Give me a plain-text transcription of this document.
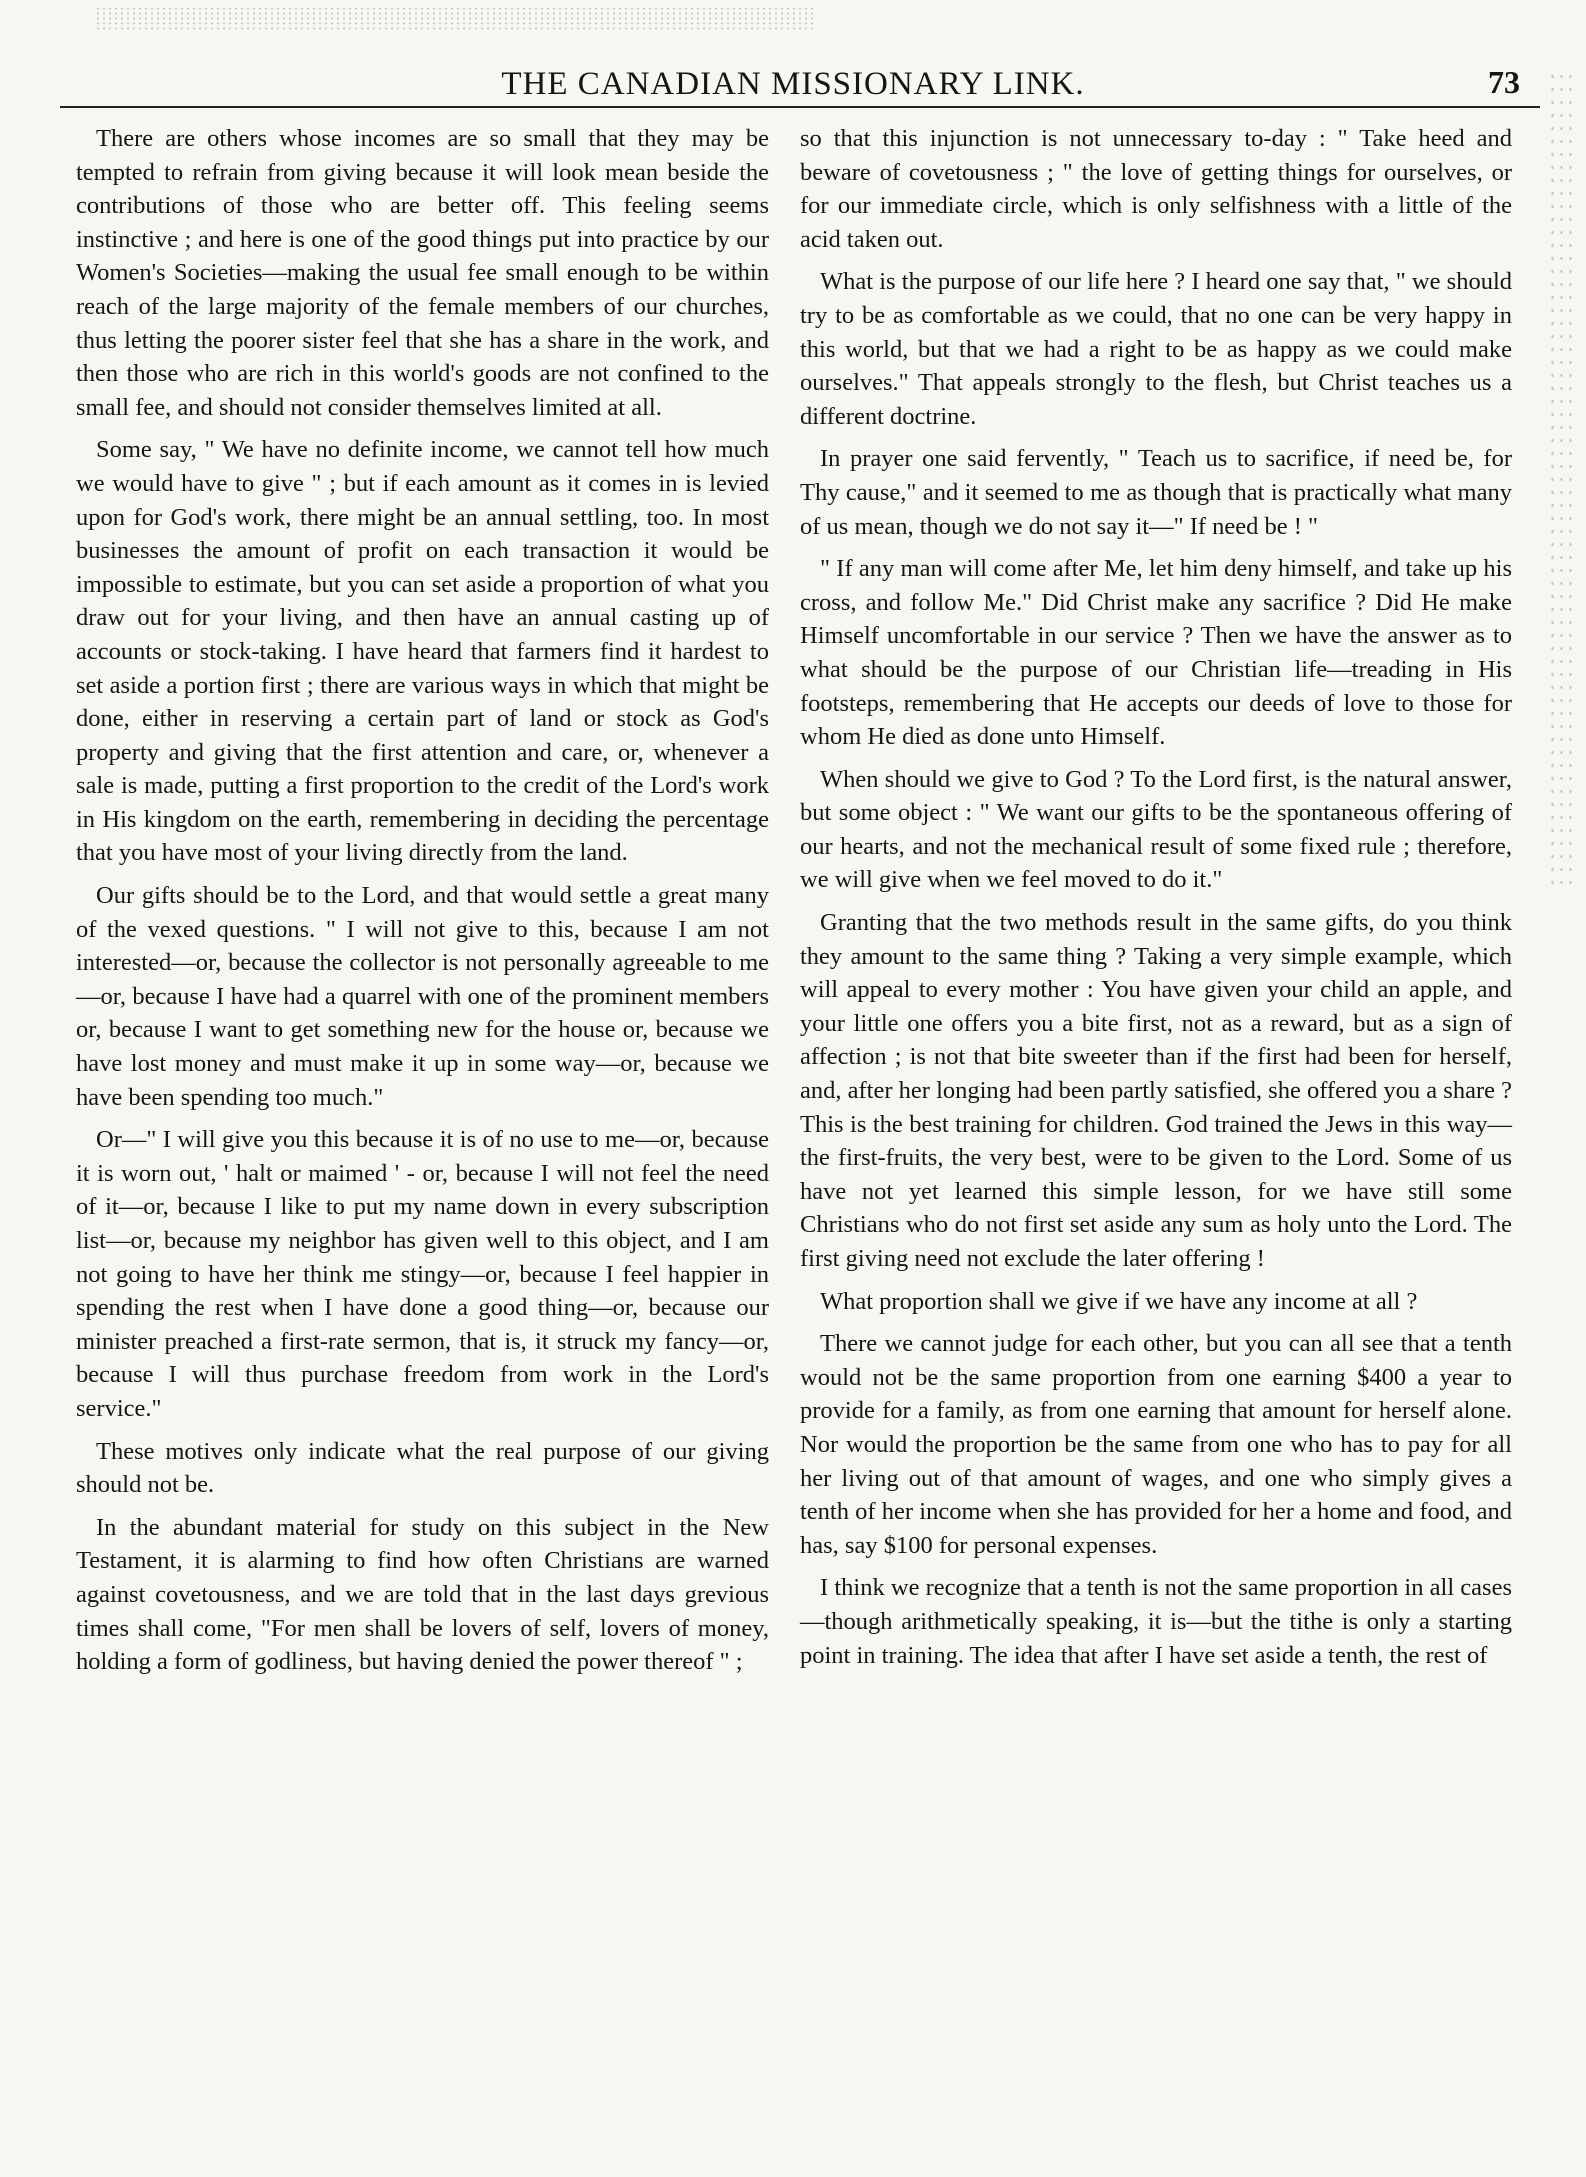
THE CANADIAN MISSIONARY LINK.	73

There are others whose incomes are so small that they may be tempted to refrain from giving because it will look mean beside the contributions of those who are better off. This feeling seems instinctive ; and here is one of the good things put into practice by our Women's Societies—making the usual fee small enough to be within reach of the large majority of the female members of our churches, thus letting the poorer sister feel that she has a share in the work, and then those who are rich in this world's goods are not confined to the small fee, and should not consider themselves limited at all.

Some say, " We have no definite income, we cannot tell how much we would have to give " ; but if each amount as it comes in is levied upon for God's work, there might be an annual settling, too. In most businesses the amount of profit on each transaction it would be impossible to estimate, but you can set aside a proportion of what you draw out for your living, and then have an annual casting up of accounts or stock-taking. I have heard that farmers find it hardest to set aside a portion first ; there are various ways in which that might be done, either in reserving a certain part of land or stock as God's property and giving that the first attention and care, or, whenever a sale is made, putting a first proportion to the credit of the Lord's work in His kingdom on the earth, remembering in deciding the percentage that you have most of your living directly from the land.

Our gifts should be to the Lord, and that would settle a great many of the vexed questions. " I will not give to this, because I am not interested—or, because the collector is not personally agreeable to me—or, because I have had a quarrel with one of the prominent members or, because I want to get something new for the house or, because we have lost money and must make it up in some way—or, because we have been spending too much."

Or—" I will give you this because it is of no use to me—or, because it is worn out, ' halt or maimed ' - or, because I will not feel the need of it—or, because I like to put my name down in every subscription list—or, because my neighbor has given well to this object, and I am not going to have her think me stingy—or, because I feel happier in spending the rest when I have done a good thing—or, because our minister preached a first-rate sermon, that is, it struck my fancy—or, because I will thus purchase freedom from work in the Lord's service."

These motives only indicate what the real purpose of our giving should not be.

In the abundant material for study on this subject in the New Testament, it is alarming to find how often Christians are warned against covetousness, and we are told that in the last days grevious times shall come, "For men shall be lovers of self, lovers of money, holding a form of godliness, but having denied the power thereof " ;

so that this injunction is not unnecessary to-day : " Take heed and beware of covetousness ; " the love of getting things for ourselves, or for our immediate circle, which is only selfishness with a little of the acid taken out.

What is the purpose of our life here ? I heard one say that, " we should try to be as comfortable as we could, that no one can be very happy in this world, but that we had a right to be as happy as we could make ourselves." That appeals strongly to the flesh, but Christ teaches us a different doctrine.

In prayer one said fervently, " Teach us to sacrifice, if need be, for Thy cause," and it seemed to me as though that is practically what many of us mean, though we do not say it—" If need be ! "

" If any man will come after Me, let him deny himself, and take up his cross, and follow Me." Did Christ make any sacrifice ? Did He make Himself uncomfortable in our service ? Then we have the answer as to what should be the purpose of our Christian life—treading in His footsteps, remembering that He accepts our deeds of love to those for whom He died as done unto Himself.

When should we give to God ? To the Lord first, is the natural answer, but some object : " We want our gifts to be the spontaneous offering of our hearts, and not the mechanical result of some fixed rule ; therefore, we will give when we feel moved to do it."

Granting that the two methods result in the same gifts, do you think they amount to the same thing ? Taking a very simple example, which will appeal to every mother : You have given your child an apple, and your little one offers you a bite first, not as a reward, but as a sign of affection ; is not that bite sweeter than if the first had been for herself, and, after her longing had been partly satisfied, she offered you a share ? This is the best training for children. God trained the Jews in this way—the first-fruits, the very best, were to be given to the Lord. Some of us have not yet learned this simple lesson, for we have still some Christians who do not first set aside any sum as holy unto the Lord. The first giving need not exclude the later offering !

What proportion shall we give if we have any income at all ?

There we cannot judge for each other, but you can all see that a tenth would not be the same proportion from one earning $400 a year to provide for a family, as from one earning that amount for herself alone. Nor would the proportion be the same from one who has to pay for all her living out of that amount of wages, and one who simply gives a tenth of her income when she has provided for her a home and food, and has, say $100 for personal expenses.

I think we recognize that a tenth is not the same proportion in all cases—though arithmetically speaking, it is—but the tithe is only a starting point in training. The idea that after I have set aside a tenth, the rest of
